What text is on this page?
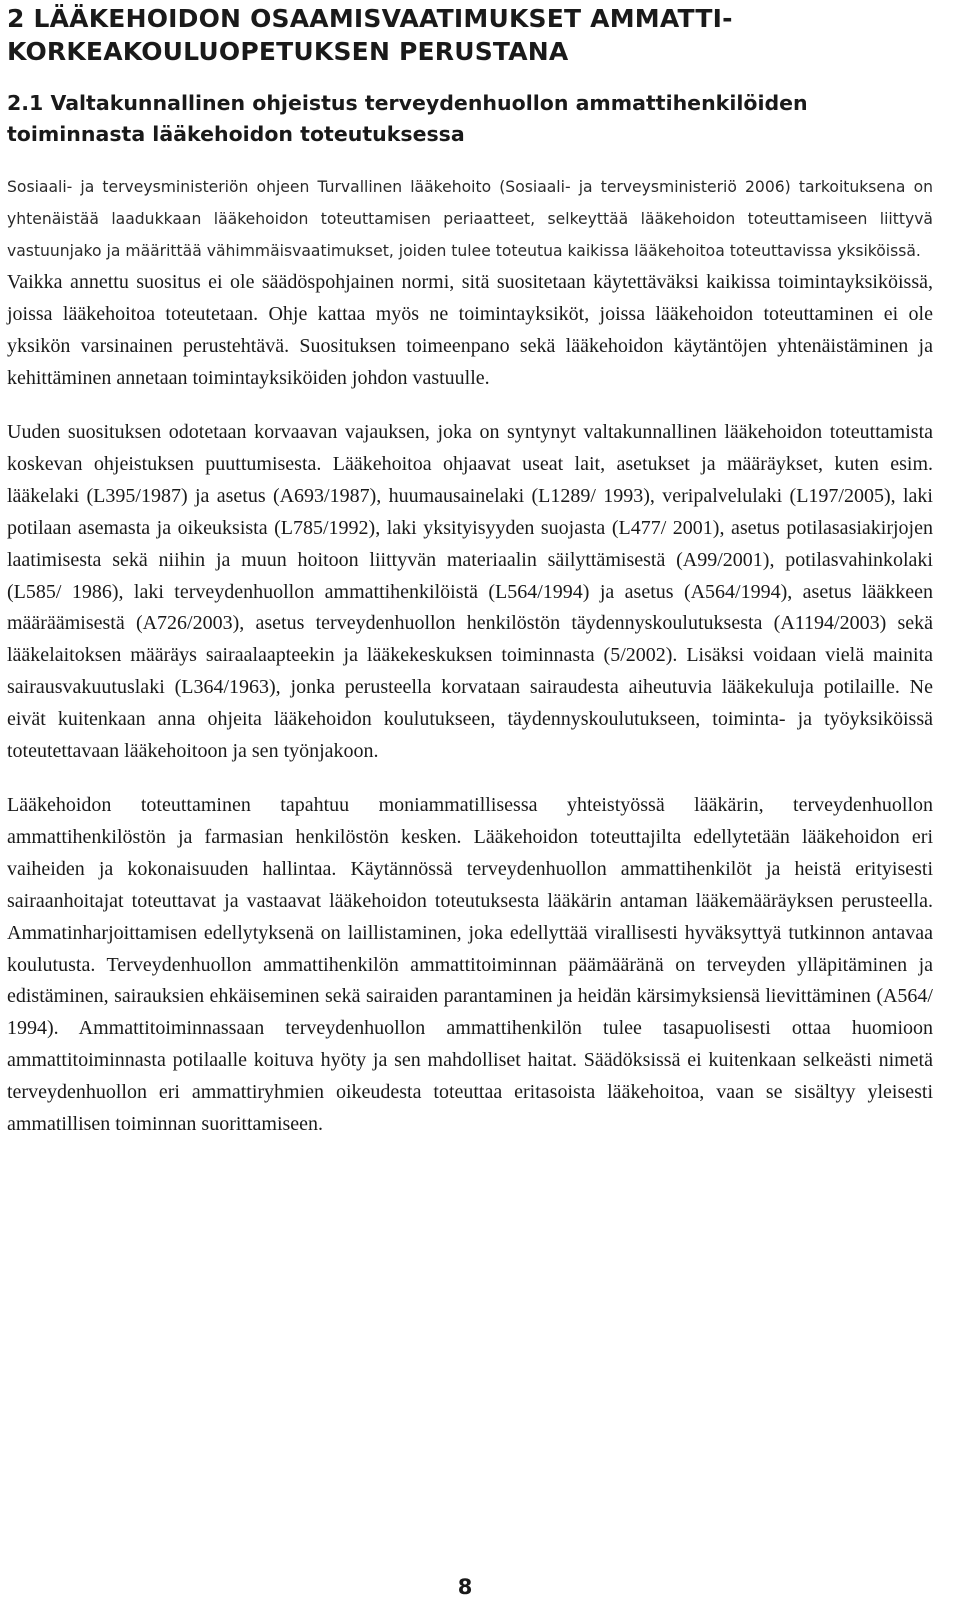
2 LÄÄKEHOIDON OSAAMISVAATIMUKSET AMMATTI-
KORKEAKOULUOPETUKSEN PERUSTANA
2.1 Valtakunnallinen ohjeistus terveydenhuollon ammattihenkilöiden toiminnasta lääkehoidon toteutuksessa

Sosiaali- ja terveysministeriön ohjeen Turvallinen lääkehoito (Sosiaali- ja terveysministeriö 2006) tarkoituksena on yhtenäistää laadukkaan lääkehoidon toteuttamisen periaatteet, selkeyttää lääkehoidon toteuttamiseen liittyvä vastuunjako ja määrittää vähimmäisvaatimukset, joiden tulee toteutua kaikissa lääkehoitoa toteuttavissa yksiköissä.

Vaikka annettu suositus ei ole säädöspohjainen normi, sitä suositetaan käytettäväksi kaikissa toimintayksiköissä, joissa lääkehoitoa toteutetaan. Ohje kattaa myös ne toimintayksiköt, joissa lääkehoidon toteuttaminen ei ole yksikön varsinainen perustehtävä. Suosituksen toimeenpano sekä lääkehoidon käytäntöjen yhtenäistäminen ja kehittäminen annetaan toimintayksiköiden johdon vastuulle.

Uuden suosituksen odotetaan korvaavan vajauksen, joka on syntynyt valtakunnallinen lääkehoidon toteuttamista koskevan ohjeistuksen puuttumisesta. Lääkehoitoa ohjaavat useat lait, asetukset ja määräykset, kuten esim. lääkelaki (L395/1987) ja asetus (A693/1987), huumausainelaki (L1289/ 1993), veripalvelulaki (L197/2005), laki potilaan asemasta ja oikeuksista (L785/1992), laki yksityisyyden suojasta (L477/ 2001), asetus potilasasiakirjojen laatimisesta sekä niihin ja muun hoitoon liittyvän materiaalin säilyttämisestä (A99/2001), potilasvahinkolaki (L585/ 1986), laki terveydenhuollon ammattihenkilöistä (L564/1994) ja asetus (A564/1994), asetus lääkkeen määräämisestä (A726/2003), asetus terveydenhuollon henkilöstön täydennyskoulutuksesta (A1194/2003) sekä lääkelaitoksen määräys sairaalaapteekin ja lääkekeskuksen toiminnasta (5/2002). Lisäksi voidaan vielä mainita sairausvakuutuslaki (L364/1963), jonka perusteella korvataan sairaudesta aiheutuvia lääkekuluja potilaille. Ne eivät kuitenkaan anna ohjeita lääkehoidon koulutukseen, täydennyskoulutukseen, toiminta- ja työyksiköissä toteutettavaan lääkehoitoon ja sen työnjakoon.

Lääkehoidon toteuttaminen tapahtuu moniammatillisessa yhteistyössä lääkärin, terveydenhuollon ammattihenkilöstön ja farmasian henkilöstön kesken. Lääkehoidon toteuttajilta edellytetään lääkehoidon eri vaiheiden ja kokonaisuuden hallintaa. Käytännössä terveydenhuollon ammattihenkilöt ja heistä erityisesti sairaanhoitajat toteuttavat ja vastaavat lääkehoidon toteutuksesta lääkärin antaman lääkemääräyksen perusteella. Ammatinharjoittamisen edellytyksenä on laillistaminen, joka edellyttää virallisesti hyväksyttyä tutkinnon antavaa koulutusta. Terveydenhuollon ammattihenkilön ammattitoiminnan päämääränä on terveyden ylläpitäminen ja edistäminen, sairauksien ehkäiseminen sekä sairaiden parantaminen ja heidän kärsimyksiensä lievittäminen (A564/ 1994). Ammattitoiminnassaan terveydenhuollon ammattihenkilön tulee tasapuolisesti ottaa huomioon ammattitoiminnasta potilaalle koituva hyöty ja sen mahdolliset haitat. Säädöksissä ei kuitenkaan selkeästi nimetä terveydenhuollon eri ammattiryhmien oikeudesta toteuttaa eritasoista lääkehoitoa, vaan se sisältyy yleisesti ammatillisen toiminnan suorittamiseen.

8
